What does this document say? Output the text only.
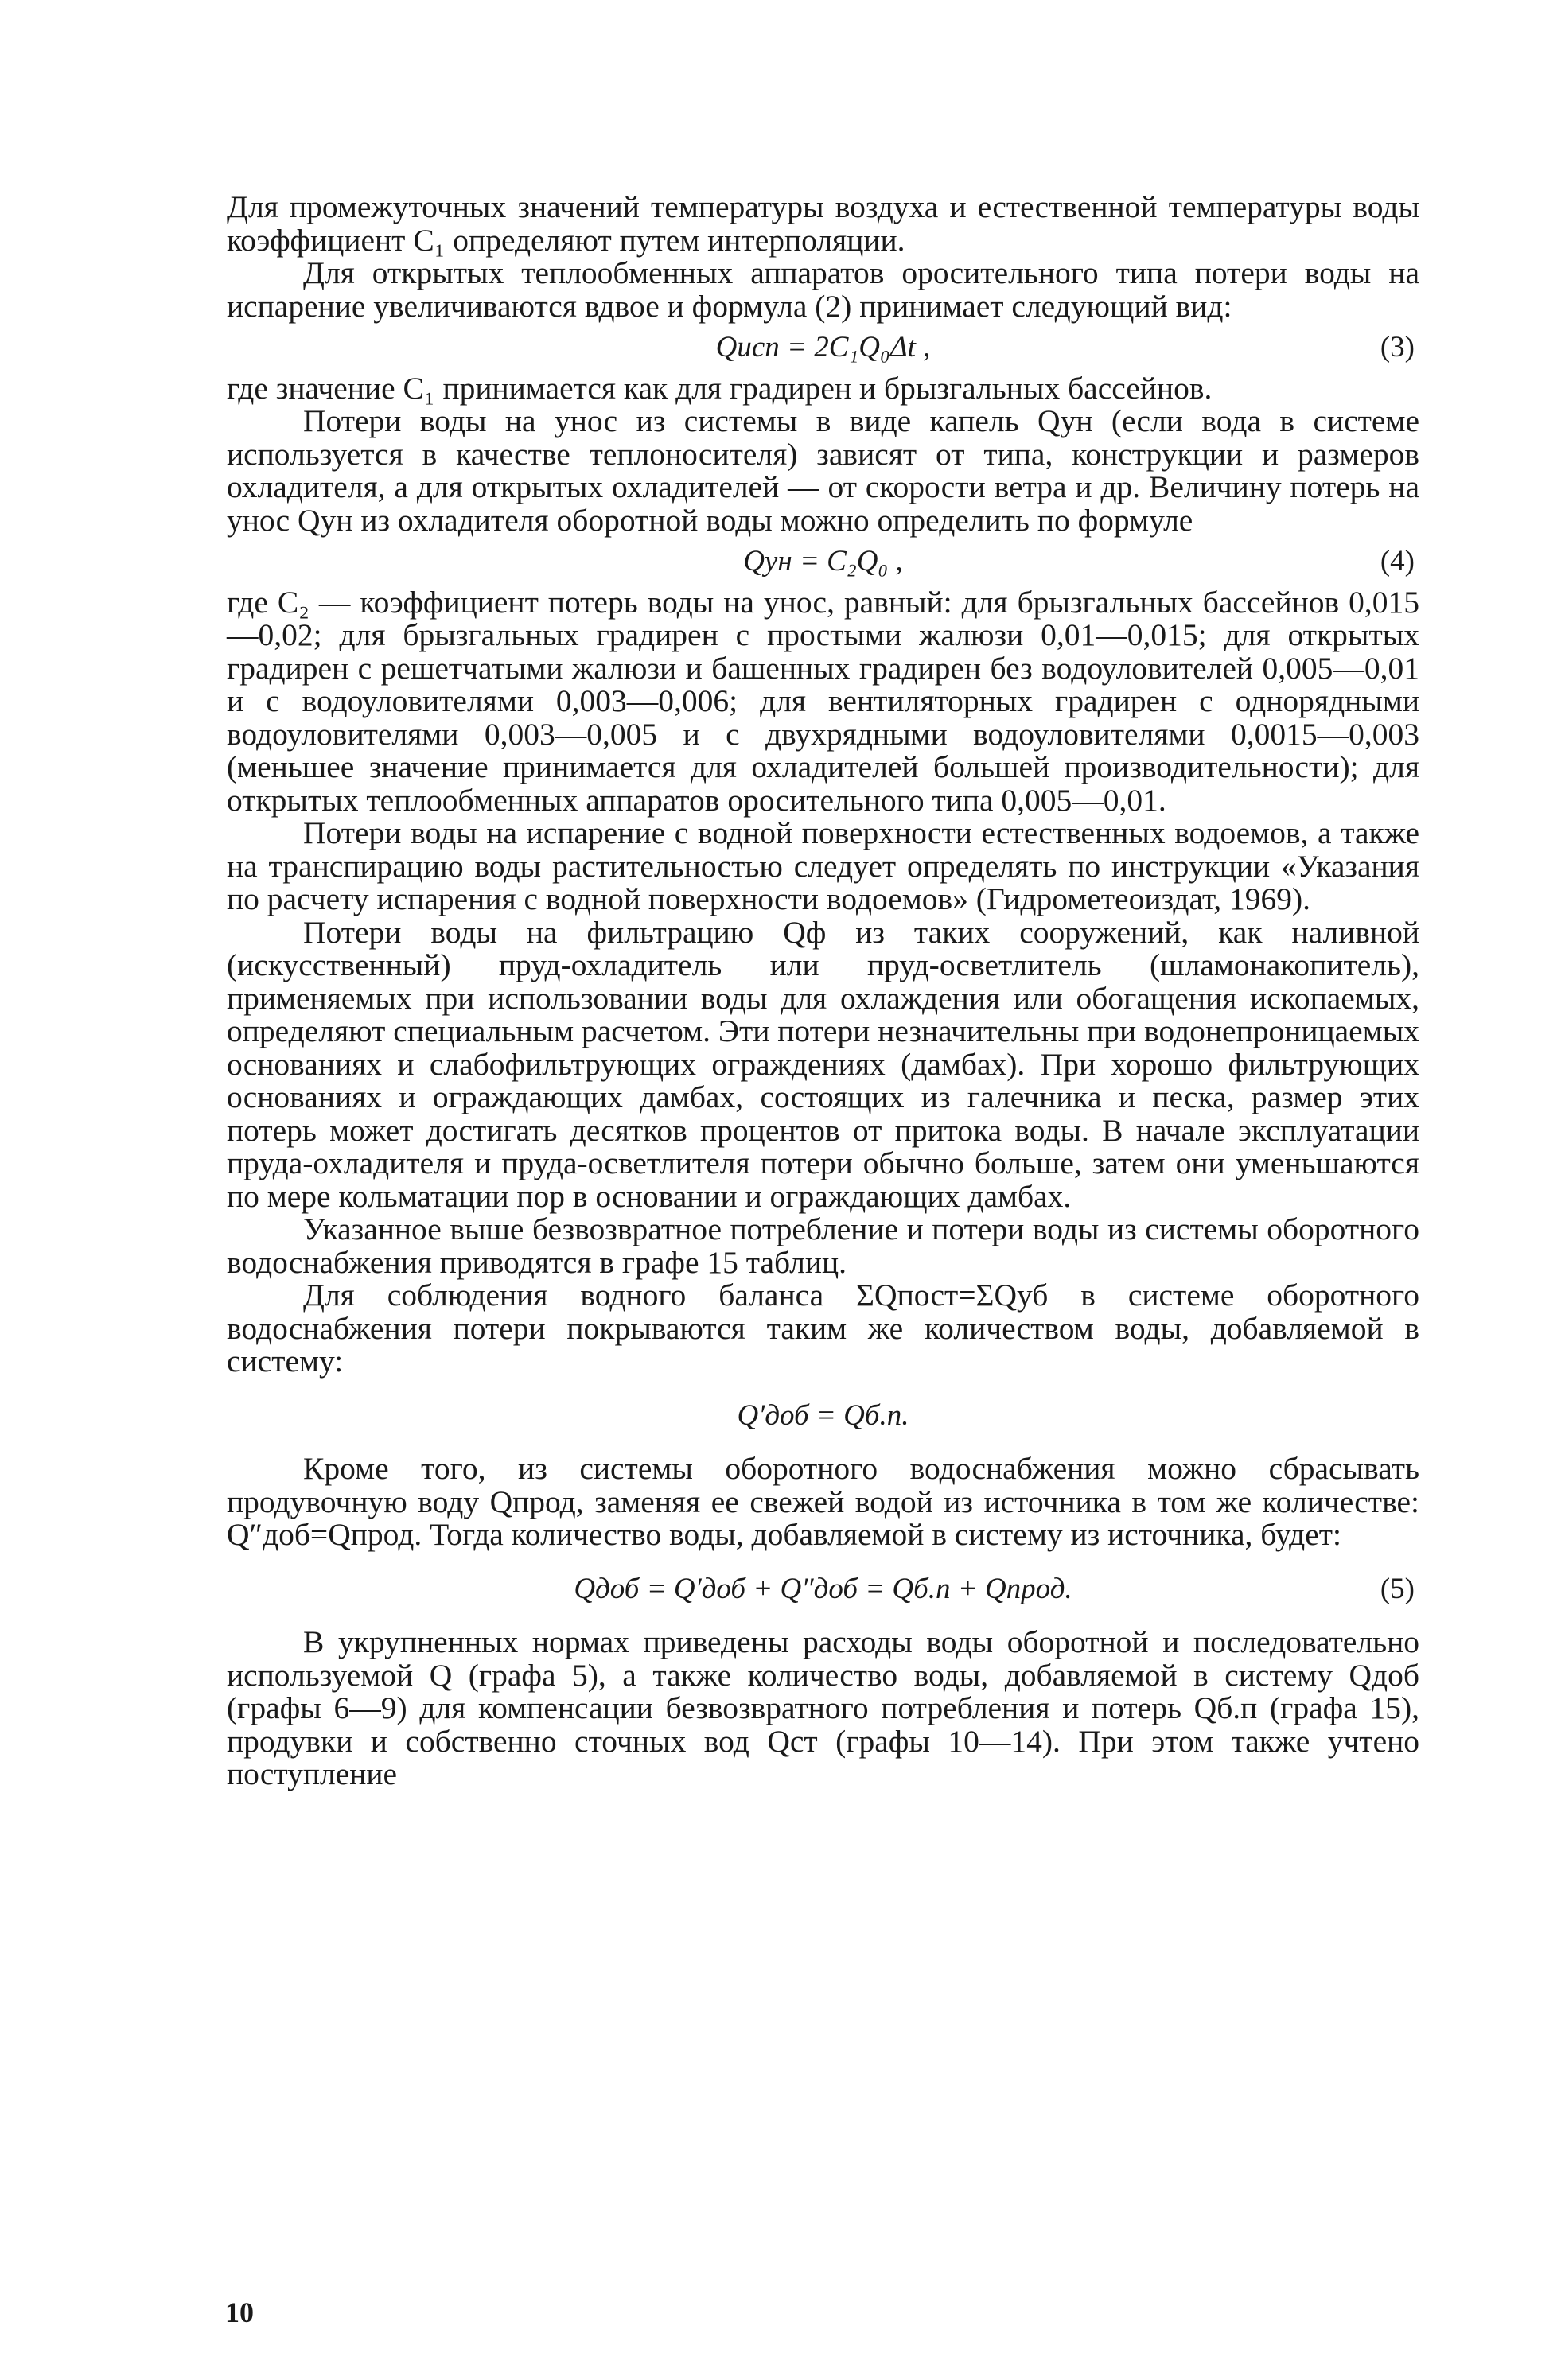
Для промежуточных значений температуры воздуха и естественной температуры воды коэффициент C₁ определяют путем интерполяции.

Для открытых теплообменных аппаратов оросительного типа потери воды на испарение увеличиваются вдвое и формула (2) принимает следующий вид:

Qисп = 2C₁Q₀Δt ,	(3)

где значение C₁ принимается как для градирен и брызгальных бассейнов.

Потери воды на унос из системы в виде капель Qун (если вода в системе используется в качестве теплоносителя) зависят от типа, конструкции и размеров охладителя, а для открытых охладителей — от скорости ветра и др. Величину потерь на унос Qун из охладителя оборотной воды можно определить по формуле

Qун = C₂Q₀ ,	(4)

где C₂ — коэффициент потерь воды на унос, равный: для брызгальных бассейнов 0,015—0,02; для брызгальных градирен с простыми жалюзи 0,01—0,015; для открытых градирен с решетчатыми жалюзи и башенных градирен без водоуловителей 0,005—0,01 и с водоуловителями 0,003—0,006; для вентиляторных градирен с однорядными водоуловителями 0,003—0,005 и с двухрядными водоуловителями 0,0015—0,003 (меньшее значение принимается для охладителей большей производительности); для открытых теплообменных аппаратов оросительного типа 0,005—0,01.

Потери воды на испарение с водной поверхности естественных водоемов, а также на транспирацию воды растительностью следует определять по инструкции «Указания по расчету испарения с водной поверхности водоемов» (Гидрометеоиздат, 1969).

Потери воды на фильтрацию Qф из таких сооружений, как наливной (искусственный) пруд-охладитель или пруд-осветлитель (шламонакопитель), применяемых при использовании воды для охлаждения или обогащения ископаемых, определяют специальным расчетом. Эти потери незначительны при водонепроницаемых основаниях и слабофильтрующих ограждениях (дамбах). При хорошо фильтрующих основаниях и ограждающих дамбах, состоящих из галечника и песка, размер этих потерь может достигать десятков процентов от притока воды. В начале эксплуатации пруда-охладителя и пруда-осветлителя потери обычно больше, затем они уменьшаются по мере кольматации пор в основании и ограждающих дамбах.

Указанное выше безвозвратное потребление и потери воды из системы оборотного водоснабжения приводятся в графе 15 таблиц.

Для соблюдения водного баланса ΣQпост=ΣQуб в системе оборотного водоснабжения потери покрываются таким же количеством воды, добавляемой в систему:

Q′доб = Qб.п.

Кроме того, из системы оборотного водоснабжения можно сбрасывать продувочную воду Qпрод, заменяя ее свежей водой из источника в том же количестве: Q″доб=Qпрод. Тогда количество воды, добавляемой в систему из источника, будет:

Qдоб = Q′доб + Q″доб = Qб.п + Qпрод.	(5)

В укрупненных нормах приведены расходы воды оборотной и последовательно используемой Q (графа 5), а также количество воды, добавляемой в систему Qдоб (графы 6—9) для компенсации безвозвратного потребления и потерь Qб.п (графа 15), продувки и собственно сточных вод Qст (графы 10—14). При этом также учтено поступление

10
